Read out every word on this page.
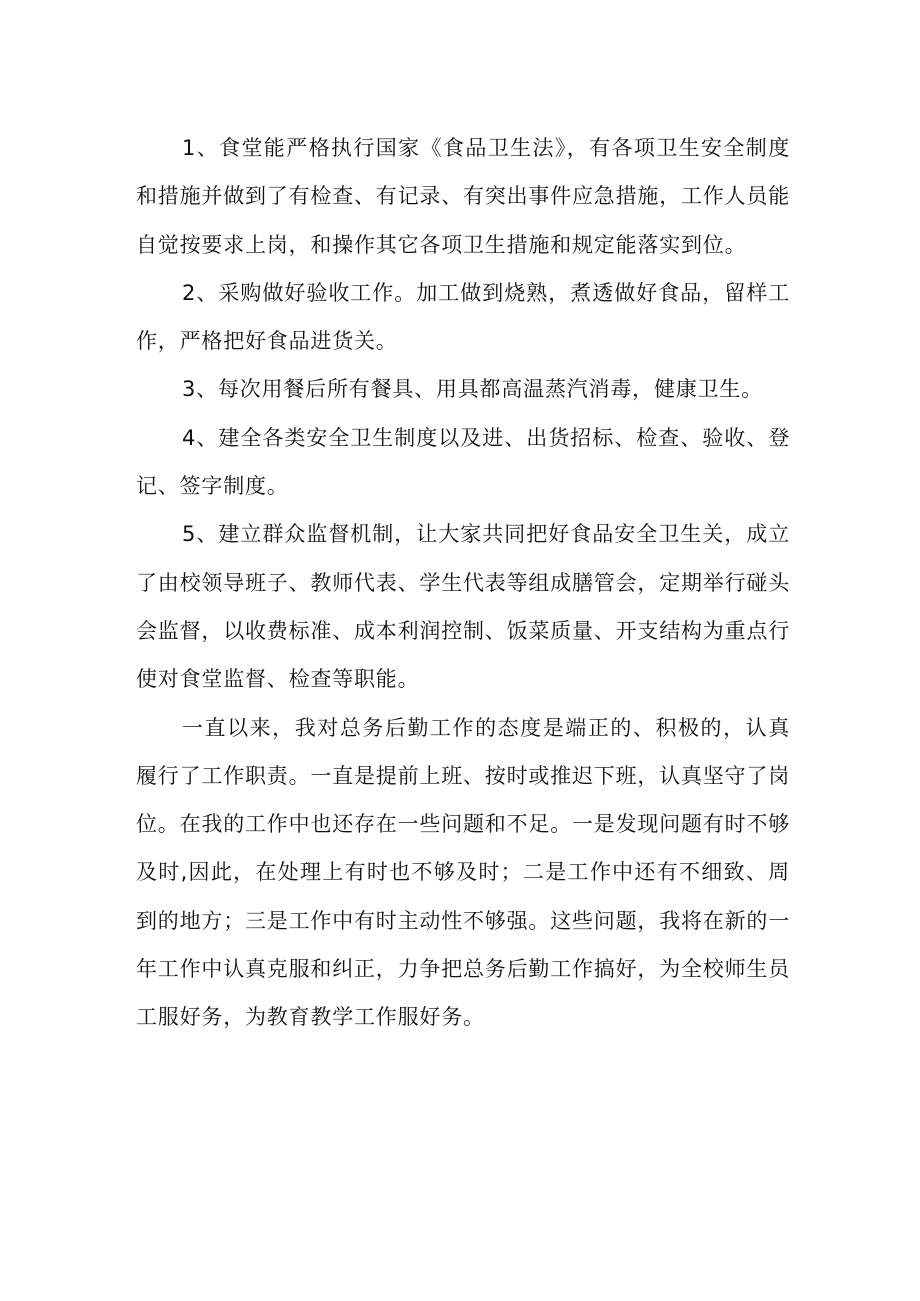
1、食堂能严格执行国家《食品卫生法》，有各项卫生安全制度和措施并做到了有检查、有记录、有突出事件应急措施，工作人员能自觉按要求上岗，和操作其它各项卫生措施和规定能落实到位。

2、采购做好验收工作。加工做到烧熟，煮透做好食品，留样工作，严格把好食品进货关。

3、每次用餐后所有餐具、用具都高温蒸汽消毒，健康卫生。

4、建全各类安全卫生制度以及进、出货招标、检查、验收、登记、签字制度。

5、建立群众监督机制，让大家共同把好食品安全卫生关，成立了由校领导班子、教师代表、学生代表等组成膳管会，定期举行碰头会监督，以收费标准、成本利润控制、饭菜质量、开支结构为重点行使对食堂监督、检查等职能。

一直以来，我对总务后勤工作的态度是端正的、积极的，认真履行了工作职责。一直是提前上班、按时或推迟下班，认真坚守了岗位。在我的工作中也还存在一些问题和不足。一是发现问题有时不够及时,因此，在处理上有时也不够及时；二是工作中还有不细致、周到的地方；三是工作中有时主动性不够强。这些问题，我将在新的一年工作中认真克服和纠正，力争把总务后勤工作搞好，为全校师生员工服好务，为教育教学工作服好务。
